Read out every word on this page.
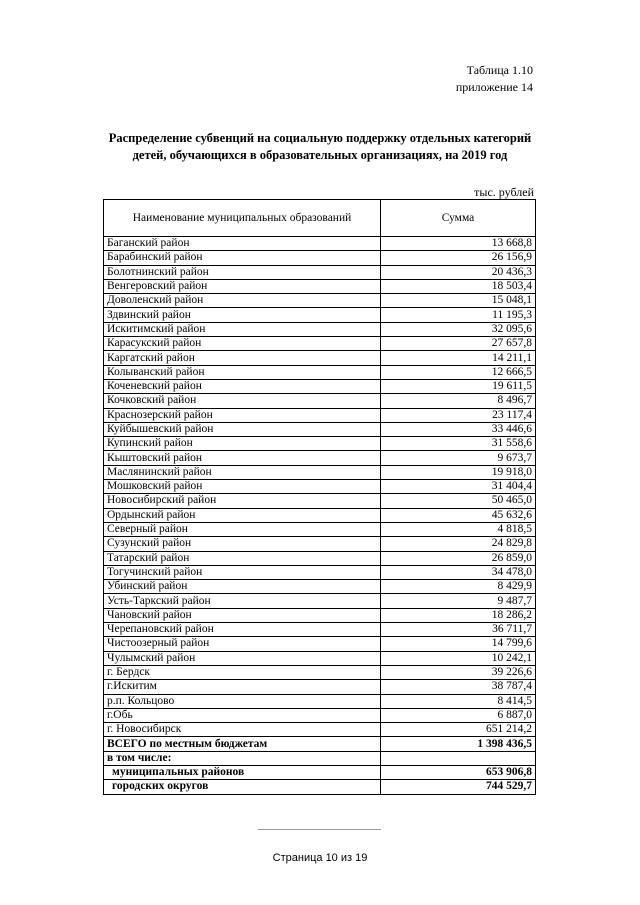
Таблица 1.10
приложение 14
Распределение субвенций на социальную поддержку отдельных категорий
детей, обучающихся в образовательных организациях, на 2019 год
тыс. рублей
Наименование муниципальных образований	Сумма
Баганский район	13 668,8
Барабинский район	26 156,9
Болотнинский район	20 436,3
Венгеровский район	18 503,4
Доволенский район	15 048,1
Здвинский район	11 195,3
Искитимский район	32 095,6
Карасукский район	27 657,8
Каргатский район	14 211,1
Колыванский район	12 666,5
Коченевский район	19 611,5
Кочковский район	8 496,7
Краснозерский район	23 117,4
Куйбышевский район	33 446,6
Купинский район	31 558,6
Кыштовский район	9 673,7
Маслянинский район	19 918,0
Мошковский район	31 404,4
Новосибирский район	50 465,0
Ордынский район	45 632,6
Северный район	4 818,5
Сузунский район	24 829,8
Татарский район	26 859,0
Тогучинский район	34 478,0
Убинский район	8 429,9
Усть-Таркский район	9 487,7
Чановский район	18 286,2
Черепановский район	36 711,7
Чистоозерный район	14 799,6
Чулымский район	10 242,1
г. Бердск	39 226,6
г.Искитим	38 787,4
р.п. Кольцово	8 414,5
г.Обь	6 887,0
г. Новосибирск	651 214,2
ВСЕГО по местным бюджетам	1 398 436,5
в том числе:	
муниципальных районов	653 906,8
городских округов	744 529,7
Страница 10 из 19
